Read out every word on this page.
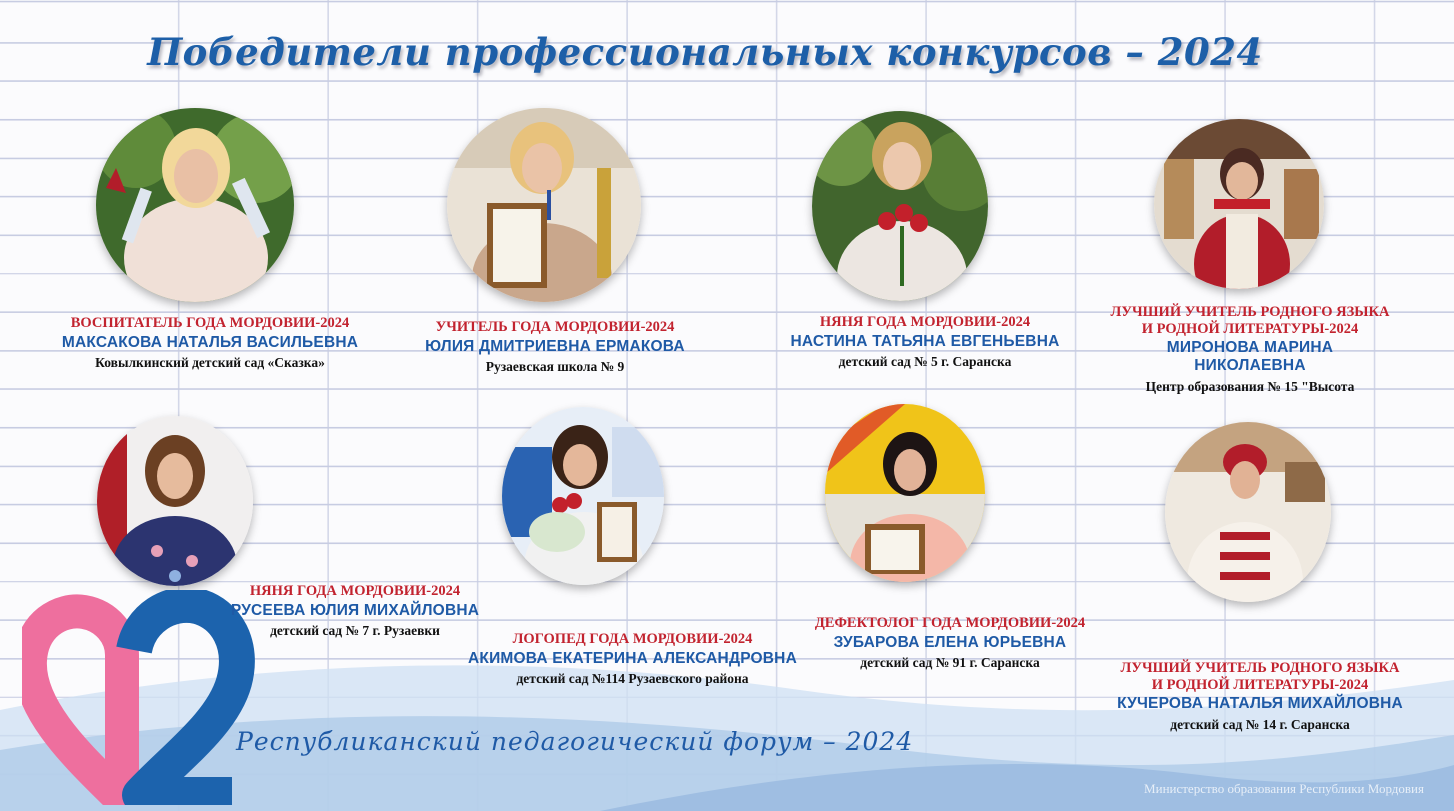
Победители профессиональных конкурсов – 2024
ВОСПИТАТЕЛЬ ГОДА МОРДОВИИ-2024
МАКСАКОВА НАТАЛЬЯ ВАСИЛЬЕВНА
Ковылкинский детский сад «Сказка»
УЧИТЕЛЬ ГОДА МОРДОВИИ-2024
ЮЛИЯ ДМИТРИЕВНА ЕРМАКОВА
Рузаевская школа № 9
НЯНЯ ГОДА МОРДОВИИ-2024
НАСТИНА ТАТЬЯНА ЕВГЕНЬЕВНА
детский сад № 5 г. Саранска
ЛУЧШИЙ УЧИТЕЛЬ РОДНОГО ЯЗЫКА
И РОДНОЙ ЛИТЕРАТУРЫ-2024
МИРОНОВА МАРИНА
НИКОЛАЕВНА
Центр образования № 15 "Высота
Республиканский педагогический форум – 2024
Министерство образования Республики Мордовия
НЯНЯ ГОДА МОРДОВИИ-2024
РУСЕЕВА ЮЛИЯ МИХАЙЛОВНА
детский сад № 7 г. Рузаевки
ЛОГОПЕД ГОДА МОРДОВИИ-2024
АКИМОВА ЕКАТЕРИНА АЛЕКСАНДРОВНА
детский сад №114 Рузаевского района
ДЕФЕКТОЛОГ ГОДА МОРДОВИИ-2024
ЗУБАРОВА ЕЛЕНА ЮРЬЕВНА
детский сад № 91 г. Саранска	ЛУЧШИЙ УЧИТЕЛЬ РОДНОГО ЯЗЫКА
И РОДНОЙ ЛИТЕРАТУРЫ-2024
КУЧЕРОВА НАТАЛЬЯ МИХАЙЛОВНА
детский сад № 14 г. Саранска
